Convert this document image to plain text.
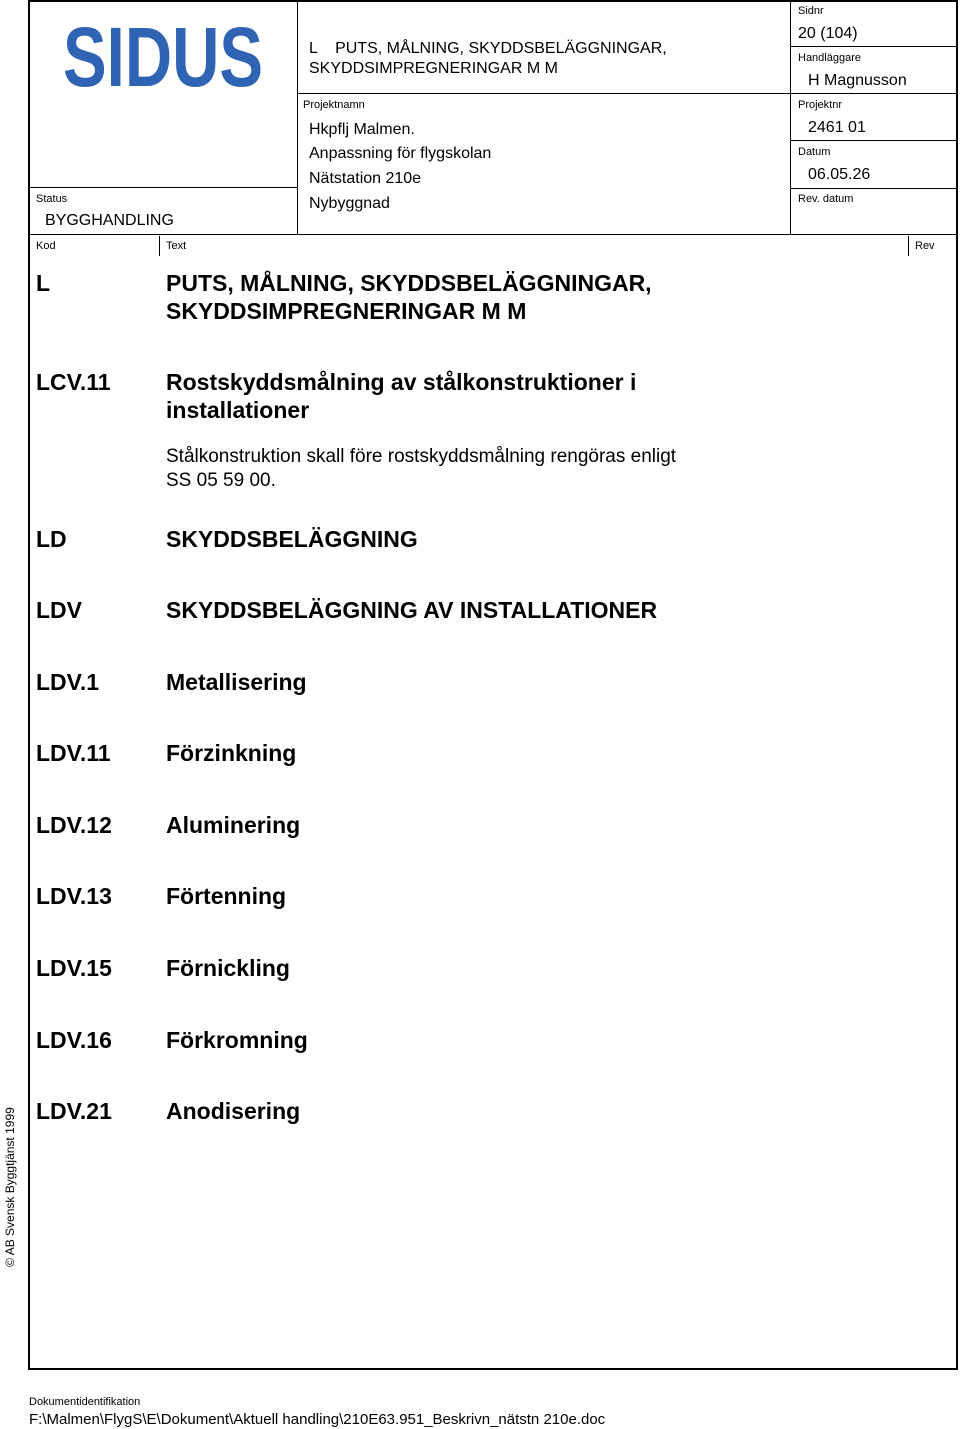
SIDUS	L    PUTS, MÅLNING, SKYDDSBELÄGGNINGAR,
SKYDDSIMPREGNERINGAR M M
Sidnr
20 (104)
Handläggare
H Magnusson
Projektnr
2461 01
Datum
06.05.26
Rev. datum
Projektnamn
Hkpflj Malmen.
Anpassning för flygskolan
Nätstation 210e
Nybyggnad
Status
BYGGHANDLING
Kod	Text	Rev
L	PUTS, MÅLNING, SKYDDSBELÄGGNINGAR,
SKYDDSIMPREGNERINGAR M M
LCV.11 Rostskyddsmålning av stålkonstruktioner i
installationer
Stålkonstruktion skall före rostskyddsmålning rengöras enligt
SS 05 59 00.
LD	SKYDDSBELÄGGNING
LDV	SKYDDSBELÄGGNING AV INSTALLATIONER
LDV.1	Metallisering
LDV.11 Förzinkning
LDV.12 Aluminering
LDV.13 Förtenning
LDV.15 Förnickling
LDV.16 Förkromning
LDV.21 Anodisering
© AB Svensk Byggtjänst 1999
Dokumentidentifikation
F:\Malmen\FlygS\E\Dokument\Aktuell handling\210E63.951_Beskrivn_nätstn 210e.doc
